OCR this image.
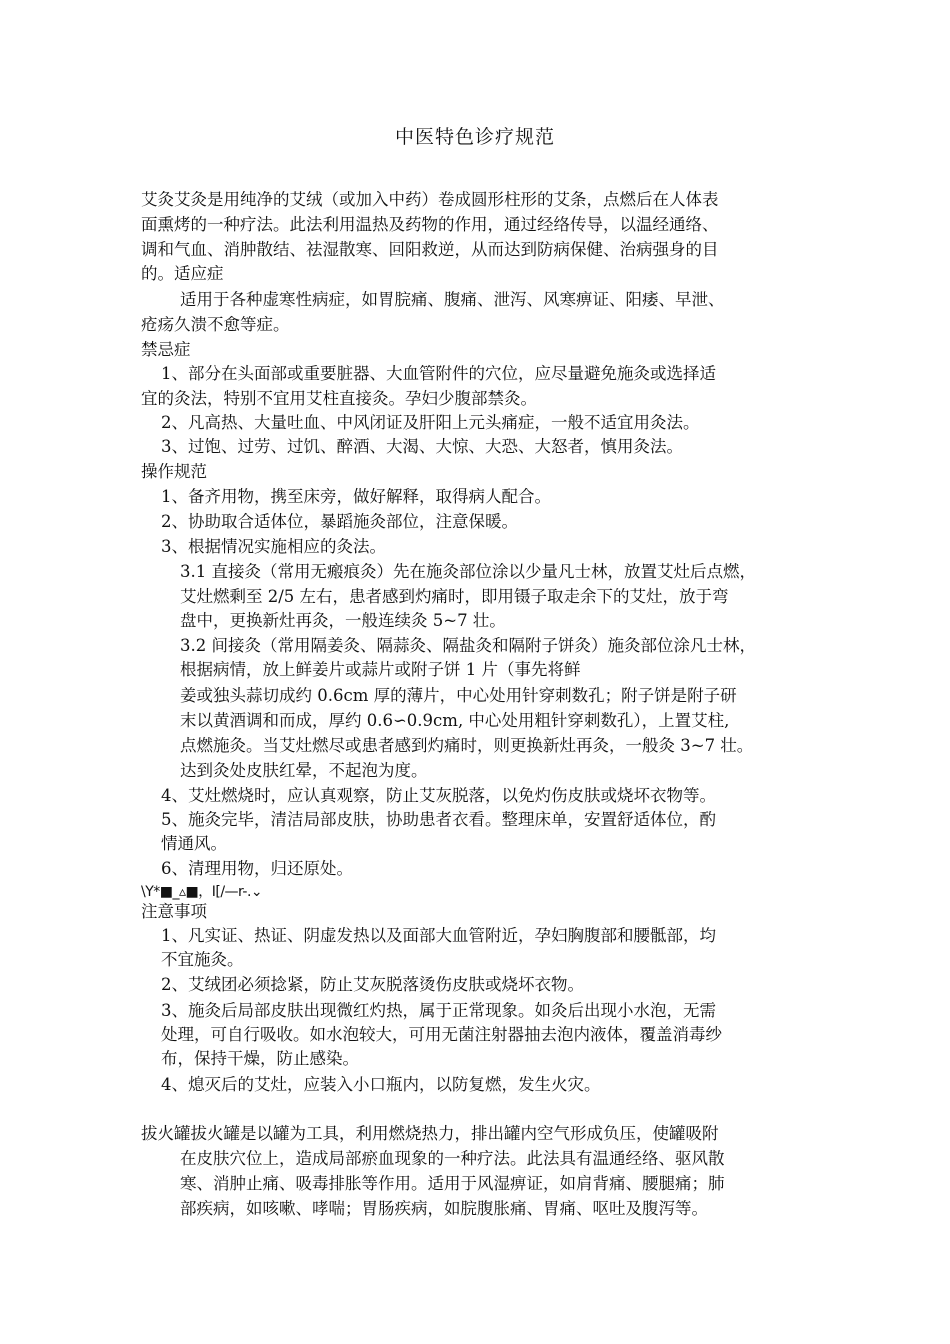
中医特色诊疗规范
艾灸艾灸是用纯净的艾绒（或加入中药）卷成圆形柱形的艾条，点燃后在人体表
面熏烤的一种疗法。此法利用温热及药物的作用，通过经络传导，以温经通络、
调和气血、消肿散结、祛湿散寒、回阳救逆，从而达到防病保健、治病强身的目
的。适应症
适用于各种虚寒性病症，如胃脘痛、腹痛、泄泻、风寒痹证、阳痿、早泄、
疮疡久溃不愈等症。
禁忌症
1、部分在头面部或重要脏器、大血管附件的穴位，应尽量避免施灸或选择适
宜的灸法，特别不宜用艾柱直接灸。孕妇少腹部禁灸。
2、凡高热、大量吐血、中风闭证及肝阳上元头痛症，一般不适宜用灸法。
3、过饱、过劳、过饥、醉酒、大渴、大惊、大恐、大怒者，慎用灸法。
操作规范
1、备齐用物，携至床旁，做好解释，取得病人配合。
2、协助取合适体位，暴蹈施灸部位，注意保暖。
3、根据情况实施相应的灸法。
3.1 直接灸（常用无瘢痕灸）先在施灸部位涂以少量凡士林，放置艾灶后点燃，
艾灶燃剩至 2/5 左右，患者感到灼痛时，即用镊子取走余下的艾灶，放于弯
盘中，更换新灶再灸，一般连续灸 5~7 壮。
3.2 间接灸（常用隔姜灸、隔蒜灸、隔盐灸和隔附子饼灸）施灸部位涂凡士林，
根据病情，放上鲜姜片或蒜片或附子饼 1 片（事先将鲜
姜或独头蒜切成约 0.6cm 厚的薄片，中心处用针穿刺数孔；附子饼是附子研
末以黄酒调和而成，厚约 0.6∽0.9cm, 中心处用粗针穿刺数孔），上置艾柱,
点燃施灸。当艾灶燃尽或患者感到灼痛时，则更换新灶再灸，一般灸 3~7 壮。
达到灸处皮肤红晕，不起泡为度。
4、艾灶燃烧时，应认真观察，防止艾灰脱落，以免灼伤皮肤或烧坏衣物等。
5、施灸完毕，清洁局部皮肤，协助患者衣看。整理床单，安置舒适体位，酌
情通风。
6、清理用物，归还原处。
\Y*■_▵■，I[/—r-.⌄
注意事项
1、凡实证、热证、阴虚发热以及面部大血管附近，孕妇胸腹部和腰骶部，均
不宜施灸。
2、艾绒团必须捻紧，防止艾灰脱落烫伤皮肤或烧坏衣物。
3、施灸后局部皮肤出现微红灼热，属于正常现象。如灸后出现小水泡，无需
处理，可自行吸收。如水泡较大，可用无菌注射器抽去泡内液体，覆盖消毒纱
布，保持干燥，防止感染。
4、熄灭后的艾灶，应装入小口瓶内，以防复燃，发生火灾。
拔火罐拔火罐是以罐为工具，利用燃烧热力，排出罐内空气形成负压，使罐吸附
在皮肤穴位上，造成局部瘀血现象的一种疗法。此法具有温通经络、驱风散
寒、消肿止痛、吸毒排胀等作用。适用于风湿痹证，如肩背痛、腰腿痛；肺
部疾病，如咳嗽、哮喘；胃肠疾病，如脘腹胀痛、胃痛、呕吐及腹泻等。
